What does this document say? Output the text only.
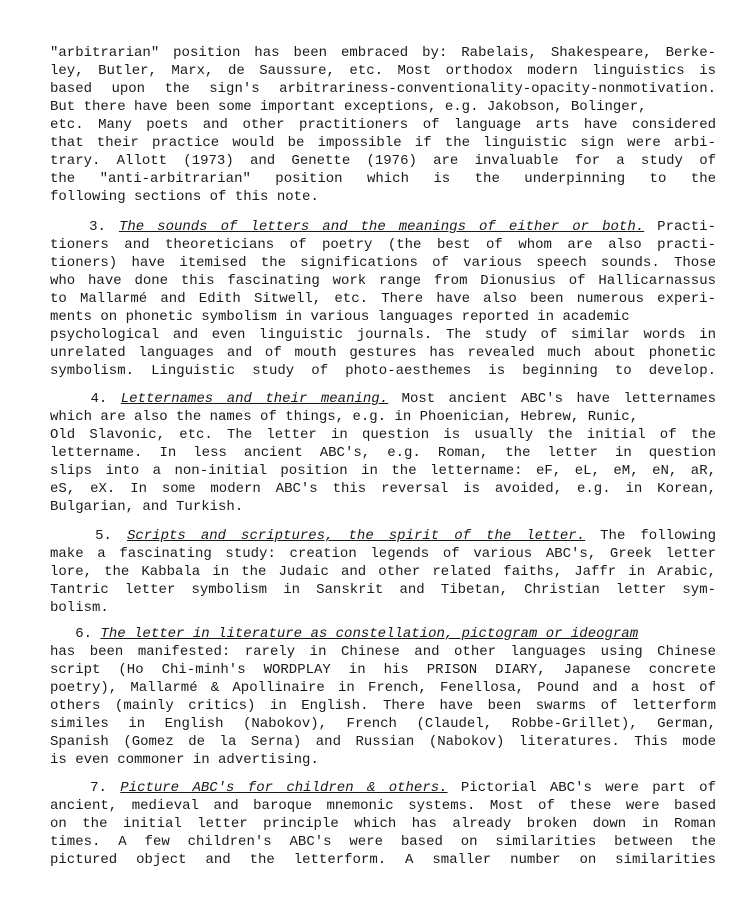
"arbitrarian" position has been embraced by: Rabelais, Shakespeare, Berke-
ley, Butler, Marx, de Saussure, etc. Most orthodox modern linguistics is
based upon the sign's arbitrariness-conventionality-opacity-nonmotivation.
But there have been some important exceptions, e.g. Jakobson, Bolinger,
etc. Many poets and other practitioners of language arts have considered
that their practice would be impossible if the linguistic sign were arbi-
trary. Allott (1973) and Genette (1976) are invaluable for a study of
the "anti-arbitrarian" position which is the underpinning to the
following sections of this note.
3. The sounds of letters and the meanings of either or both. Practi-
tioners and theoreticians of poetry (the best of whom are also practi-
tioners) have itemised the significations of various speech sounds. Those
who have done this fascinating work range from Dionusius of Hallicarnassus
to Mallarmé and Edith Sitwell, etc. There have also been numerous experi-
ments on phonetic symbolism in various languages reported in academic
psychological and even linguistic journals. The study of similar words in
unrelated languages and of mouth gestures has revealed much about phonetic
symbolism. Linguistic study of photo-aesthemes is beginning to develop.
4. Letternames and their meaning. Most ancient ABC's have letternames
which are also the names of things, e.g. in Phoenician, Hebrew, Runic,
Old Slavonic, etc. The letter in question is usually the initial of the
lettername. In less ancient ABC's, e.g. Roman, the letter in question
slips into a non-initial position in the lettername: eF, eL, eM, eN, aR,
eS, eX. In some modern ABC's this reversal is avoided, e.g. in Korean,
Bulgarian, and Turkish.
5. Scripts and scriptures, the spirit of the letter. The following
make a fascinating study: creation legends of various ABC's, Greek letter
lore, the Kabbala in the Judaic and other related faiths, Jaffr in Arabic,
Tantric letter symbolism in Sanskrit and Tibetan, Christian letter sym-
bolism.
6. The letter in literature as constellation, pictogram or ideogram
has been manifested: rarely in Chinese and other languages using Chinese
script (Ho Chi-minh's WORDPLAY in his PRISON DIARY, Japanese concrete
poetry), Mallarmé & Apollinaire in French, Fenellosa, Pound and a host of
others (mainly critics) in English. There have been swarms of letterform
similes in English (Nabokov), French (Claudel, Robbe-Grillet), German,
Spanish (Gomez de la Serna) and Russian (Nabokov) literatures. This mode
is even commoner in advertising.
7. Picture ABC's for children & others. Pictorial ABC's were part of
ancient, medieval and baroque mnemonic systems. Most of these were based
on the initial letter principle which has already broken down in Roman
times. A few children's ABC's were based on similarities between the
pictured object and the letterform. A smaller number on similarities
